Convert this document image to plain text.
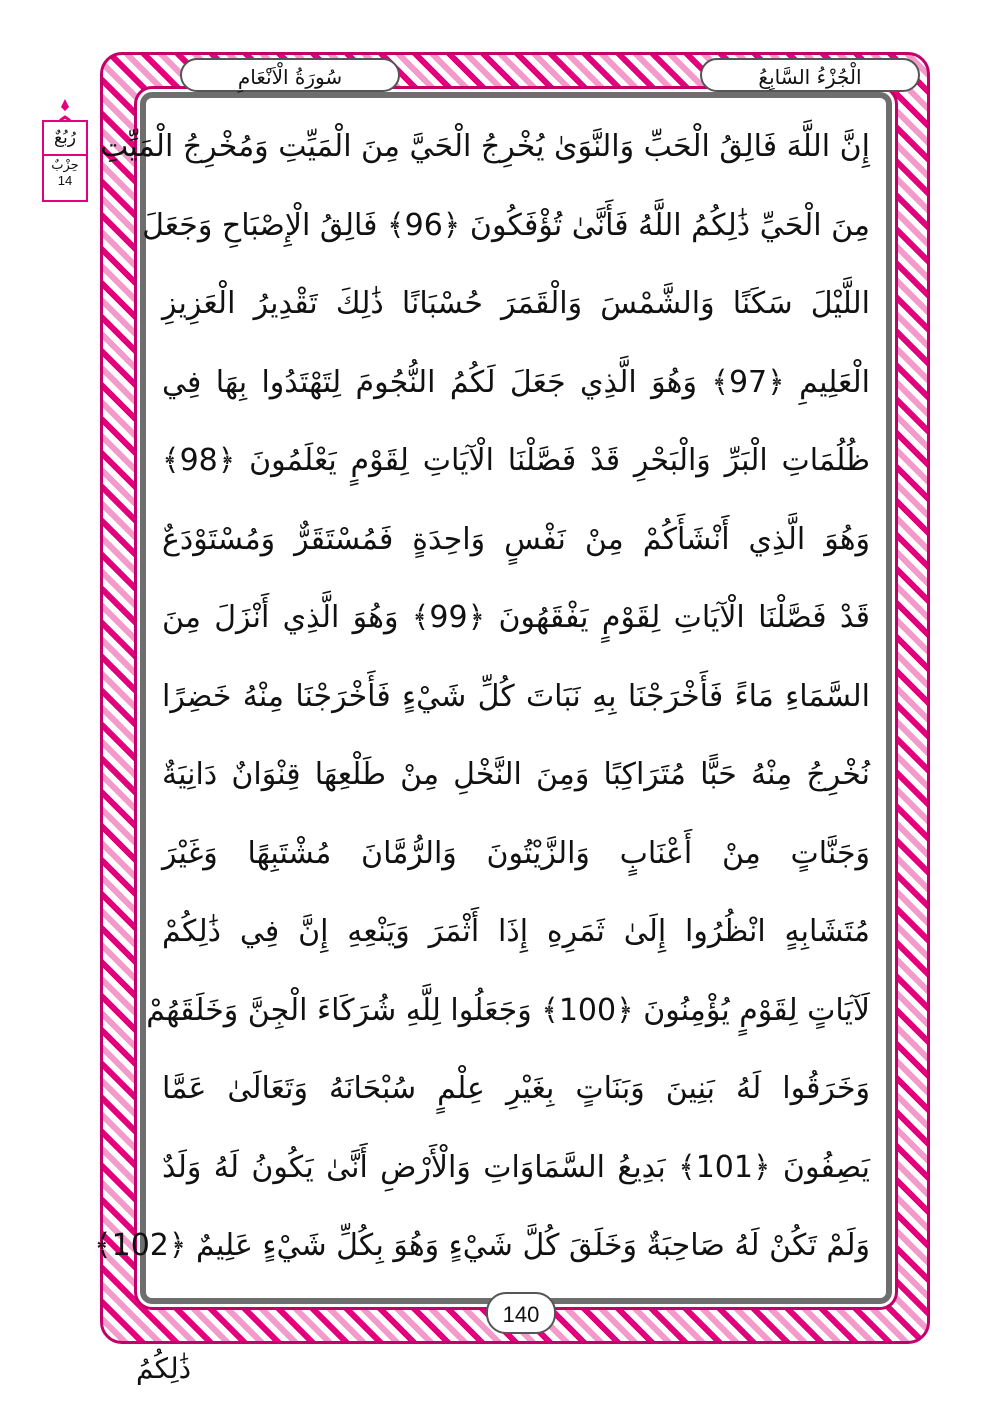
الْجُزْءُ السَّابِعُ
سُورَةُ الْاَنْعَامِ
رُبُعٌ
حِزْبٌ
14
إِنَّ اللَّهَ فَالِقُ الْحَبِّ وَالنَّوَىٰ يُخْرِجُ الْحَيَّ مِنَ الْمَيِّتِ وَمُخْرِجُ الْمَيِّتِ
مِنَ الْحَيِّ ذَٰلِكُمُ اللَّهُ فَأَنَّىٰ تُؤْفَكُونَ ﴿96﴾ فَالِقُ الْإِصْبَاحِ وَجَعَلَ
اللَّيْلَ سَكَنًا وَالشَّمْسَ وَالْقَمَرَ حُسْبَانًا ذَٰلِكَ تَقْدِيرُ الْعَزِيزِ
الْعَلِيمِ ﴿97﴾ وَهُوَ الَّذِي جَعَلَ لَكُمُ النُّجُومَ لِتَهْتَدُوا بِهَا فِي
ظُلُمَاتِ الْبَرِّ وَالْبَحْرِ قَدْ فَصَّلْنَا الْآيَاتِ لِقَوْمٍ يَعْلَمُونَ ﴿98﴾
وَهُوَ الَّذِي أَنْشَأَكُمْ مِنْ نَفْسٍ وَاحِدَةٍ فَمُسْتَقَرٌّ وَمُسْتَوْدَعٌ
قَدْ فَصَّلْنَا الْآيَاتِ لِقَوْمٍ يَفْقَهُونَ ﴿99﴾ وَهُوَ الَّذِي أَنْزَلَ مِنَ
السَّمَاءِ مَاءً فَأَخْرَجْنَا بِهِ نَبَاتَ كُلِّ شَيْءٍ فَأَخْرَجْنَا مِنْهُ خَضِرًا
نُخْرِجُ مِنْهُ حَبًّا مُتَرَاكِبًا وَمِنَ النَّخْلِ مِنْ طَلْعِهَا قِنْوَانٌ دَانِيَةٌ
وَجَنَّاتٍ مِنْ أَعْنَابٍ وَالزَّيْتُونَ وَالرُّمَّانَ مُشْتَبِهًا وَغَيْرَ
مُتَشَابِهٍ انْظُرُوا إِلَىٰ ثَمَرِهِ إِذَا أَثْمَرَ وَيَنْعِهِ إِنَّ فِي ذَٰلِكُمْ
لَآيَاتٍ لِقَوْمٍ يُؤْمِنُونَ ﴿100﴾ وَجَعَلُوا لِلَّهِ شُرَكَاءَ الْجِنَّ وَخَلَقَهُمْ
وَخَرَقُوا لَهُ بَنِينَ وَبَنَاتٍ بِغَيْرِ عِلْمٍ سُبْحَانَهُ وَتَعَالَىٰ عَمَّا
يَصِفُونَ ﴿101﴾ بَدِيعُ السَّمَاوَاتِ وَالْأَرْضِ أَنَّىٰ يَكُونُ لَهُ وَلَدٌ
وَلَمْ تَكُنْ لَهُ صَاحِبَةٌ وَخَلَقَ كُلَّ شَيْءٍ وَهُوَ بِكُلِّ شَيْءٍ عَلِيمٌ ﴿102﴾
140
ذَٰلِكُمُ
